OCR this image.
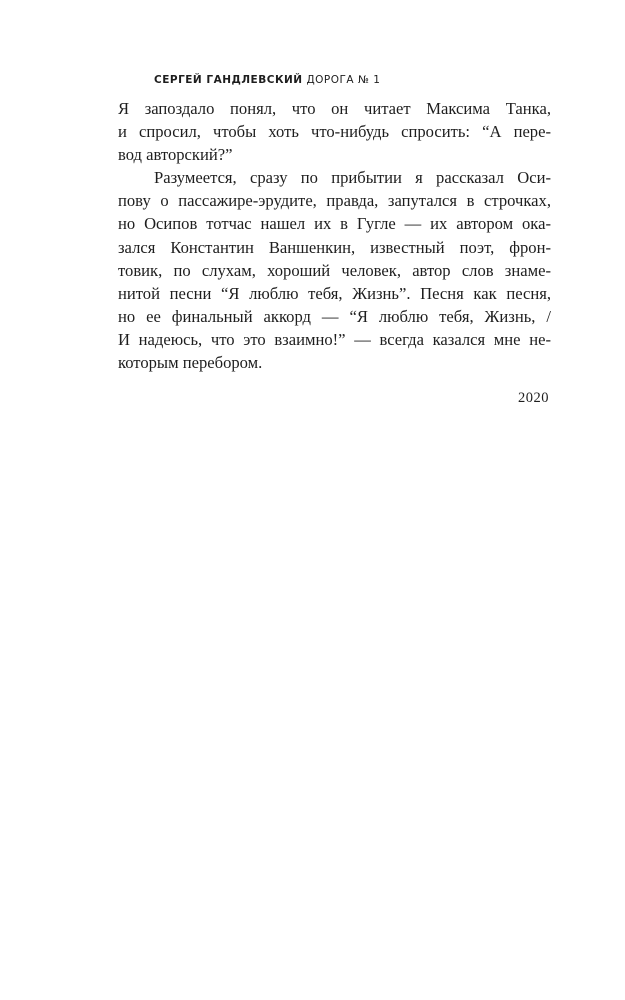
СЕРГЕЙ ГАНДЛЕВСКИЙ ДОРОГА № 1
Я запоздало понял, что он читает Максима Танка,
и спросил, чтобы хоть что-нибудь спросить: “А пере-
вод авторский?”
Разумеется, сразу по прибытии я рассказал Оси-
пову о пассажире-эрудите, правда, запутался в строчках,
но Осипов тотчас нашел их в Гугле — их автором ока-
зался Константин Ваншенкин, известный поэт, фрон-
товик, по слухам, хороший человек, автор слов знаме-
нитой песни “Я люблю тебя, Жизнь”. Песня как песня,
но ее финальный аккорд — “Я люблю тебя, Жизнь, /
И надеюсь, что это взаимно!” — всегда казался мне не-
которым перебором.
2020
